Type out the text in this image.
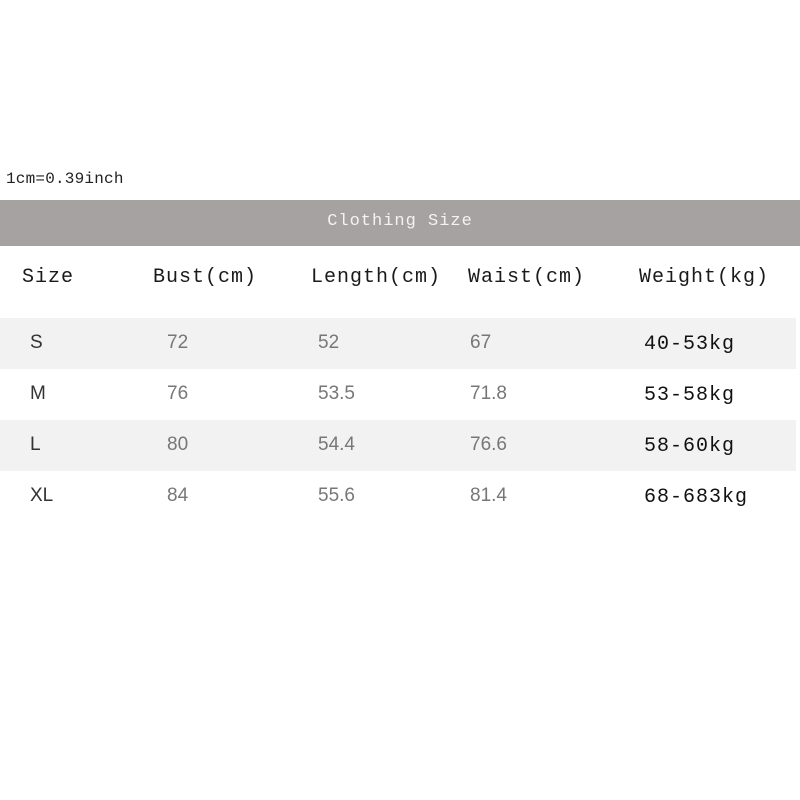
1cm=0.39inch
Clothing Size
Size	Bust(cm)	Length(cm) Waist(cm)	Weight(kg)
S	72	52	67	40-53kg
M	76	53.5	71.8	53-58kg
L	80	54.4	76.6	58-60kg
XL	84	55.6	81.4	68-683kg
